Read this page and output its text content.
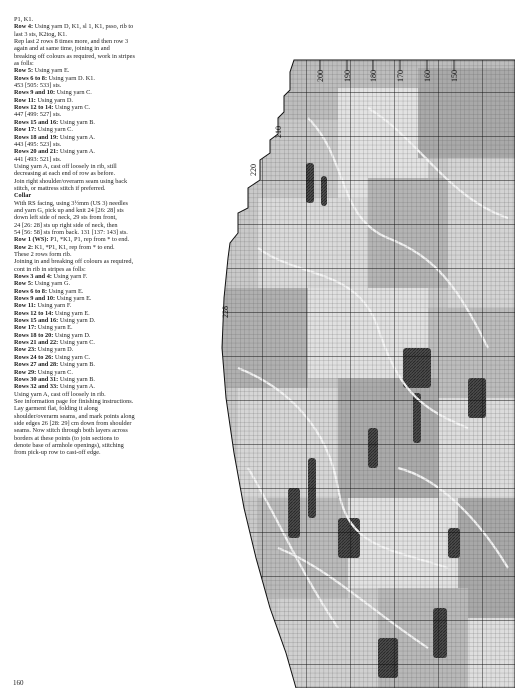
P1, K1.
Row 4: Using yarn D, K1, sl 1, K1, psso, rib to
last 3 sts, K2tog, K1.
Rep last 2 rows 8 times more, and then row 3
again and at same time, joining in and
breaking off colours as required, work in stripes
as folls:
Row 5: Using yarn E.
Rows 6 to 8: Using yarn D. K1.
453 [505: 533] sts.
Rows 9 and 10: Using yarn C.
Row 11: Using yarn D.
Rows 12 to 14: Using yarn C.
447 [499: 527] sts.
Rows 15 and 16: Using yarn B.
Row 17: Using yarn C.
Rows 18 and 19: Using yarn A.
443 [495: 523] sts.
Rows 20 and 21: Using yarn A.
441 [493: 521] sts.
Using yarn A, cast off loosely in rib, still
decreasing at each end of row as before.
Join right shoulder/overarm seam using back
stitch, or mattress stitch if preferred.
Collar
With RS facing, using 3½mm (US 3) needles
and yarn G, pick up and knit 24 [26: 28] sts
down left side of neck, 29 sts from front,
24 [26: 28] sts up right side of neck, then
54 [56: 58] sts from back. 131 [137: 143] sts.
Row 1 (WS): P1, *K1, P1, rep from * to end.
Row 2: K1, *P1, K1, rep from * to end.
These 2 rows form rib.
Joining in and breaking off colours as required,
cont in rib in stripes as folls:
Rows 3 and 4: Using yarn F.
Row 5: Using yarn G.
Rows 6 to 8: Using yarn E.
Rows 9 and 10: Using yarn E.
Row 11: Using yarn F.
Rows 12 to 14: Using yarn E.
Rows 15 and 16: Using yarn D.
Row 17: Using yarn E.
Rows 18 to 20: Using yarn D.
Rows 21 and 22: Using yarn C.
Row 23: Using yarn D.
Rows 24 to 26: Using yarn C.
Rows 27 and 28: Using yarn B.
Row 29: Using yarn C.
Rows 30 and 31: Using yarn B.
Rows 32 and 33: Using yarn A.
Using yarn A, cast off loosely in rib.
See information page for finishing instructions.
Lay garment flat, folding it along
shoulder/overarm seams, and mark points along
side edges 26 [28: 29] cm down from shoulder
seams. Now stitch through both layers across
borders at these points (to join sections to
denote base of armhole openings), stitching
from pick-up row to cast-off edge.
160
200 190 180 170 160 150
210
220
228
